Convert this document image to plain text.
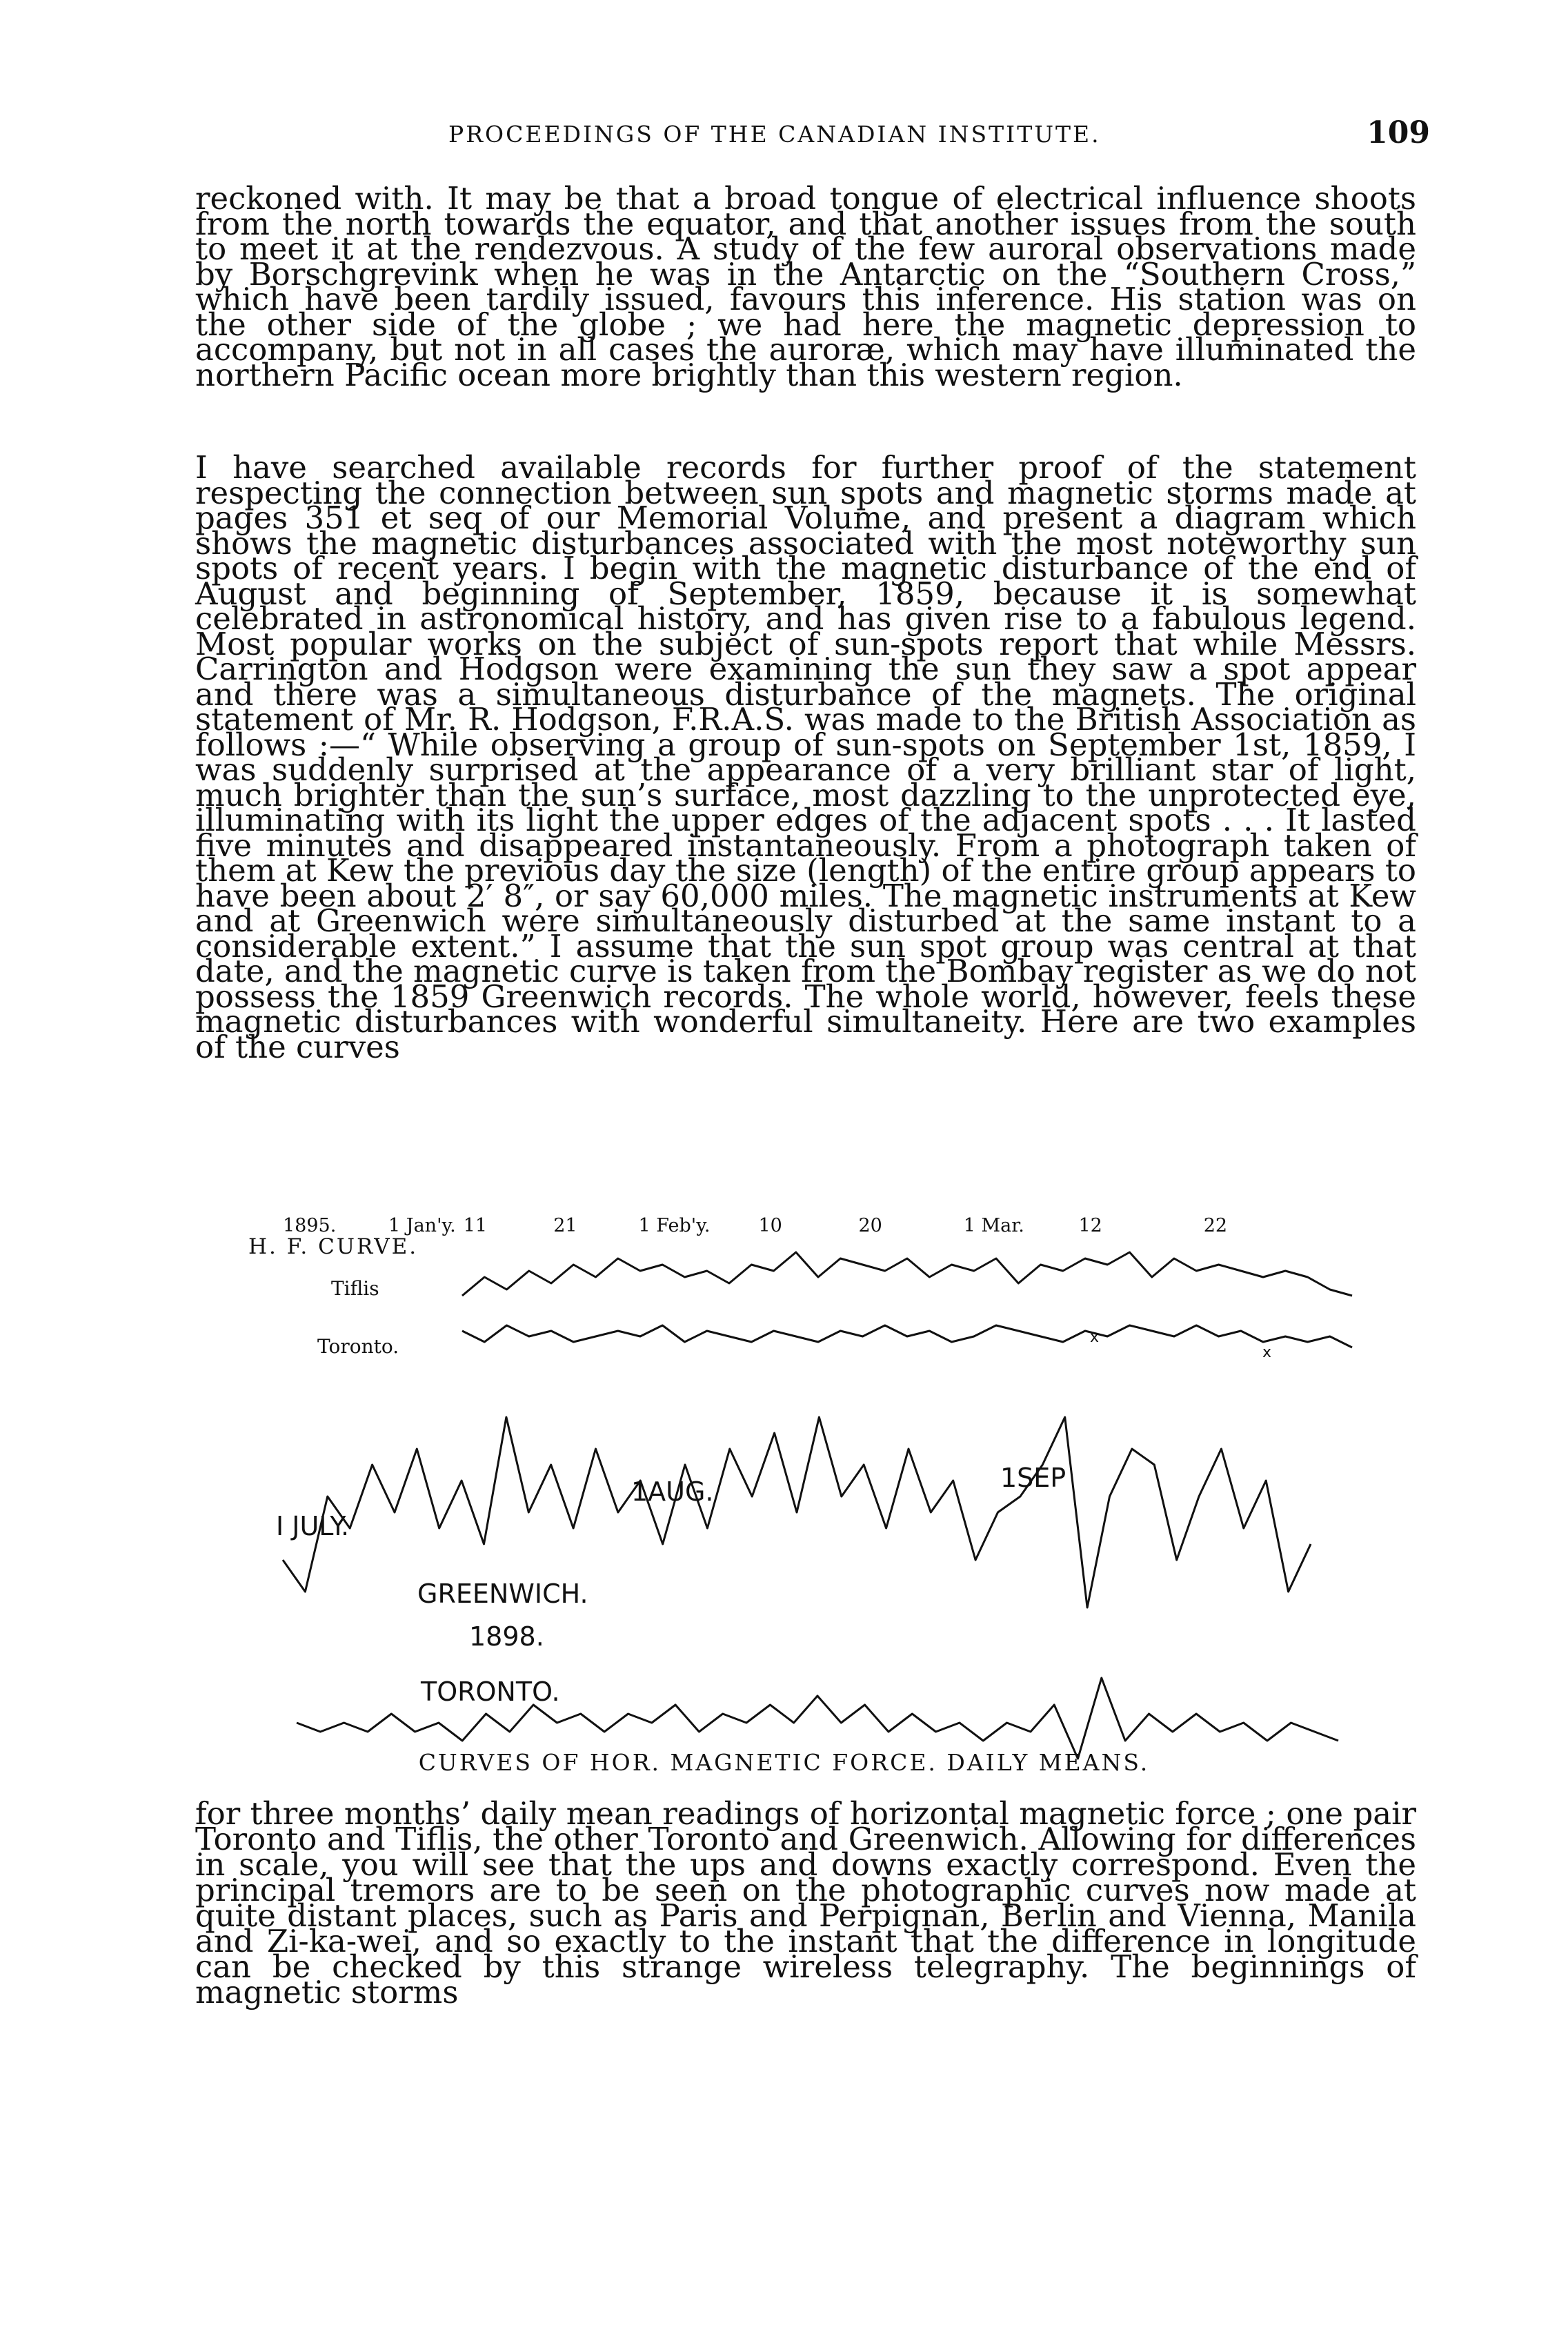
PROCEEDINGS OF THE CANADIAN INSTITUTE.	109

reckoned with. It may be that a broad tongue of electrical influence shoots from the north towards the equator, and that another issues from the south to meet it at the rendezvous. A study of the few auroral observations made by Borschgrevink when he was in the Antarctic on the “Southern Cross,” which have been tardily issued, favours this inference. His station was on the other side of the globe ; we had here the magnetic depression to accompany, but not in all cases the auroræ, which may have illuminated the northern Pacific ocean more brightly than this western region.

I have searched available records for further proof of the statement respecting the connection between sun spots and magnetic storms made at pages 351 et seq of our Memorial Volume, and present a diagram which shows the magnetic disturbances associated with the most noteworthy sun spots of recent years. I begin with the magnetic disturbance of the end of August and beginning of September, 1859, because it is somewhat celebrated in astronomical history, and has given rise to a fabulous legend. Most popular works on the subject of sun-spots report that while Messrs. Carrington and Hodgson were examining the sun they saw a spot appear and there was a simultaneous disturbance of the magnets. The original statement of Mr. R. Hodgson, F.R.A.S. was made to the British Association as follows :—“ While observing a group of sun-spots on September 1st, 1859, I was suddenly surprised at the appearance of a very brilliant star of light, much brighter than the sun’s surface, most dazzling to the unprotected eye, illuminating with its light the upper edges of the adjacent spots . . . It lasted five minutes and disappeared instantaneously. From a photograph taken of them at Kew the previous day the size (length) of the entire group appears to have been about 2′ 8″, or say 60,000 miles. The magnetic instruments at Kew and at Greenwich were simultaneously disturbed at the same instant to a considerable extent.” I assume that the sun spot group was central at that date, and the magnetic curve is taken from the Bombay register as we do not possess the 1859 Greenwich records. The whole world, however, feels these magnetic disturbances with wonderful simultaneity. Here are two examples of the curves

1895.	1 Jan'y. 11	21	1 Feb'y.	10	20	1 Mar.	12	22
H. F. CURVE.
Tiflis
Toronto.	x
x
I JULY.
1AUG.	1SEP
GREENWICH.
1898.
TORONTO.
CURVES OF HOR. MAGNETIC FORCE. DAILY MEANS.

for three months’ daily mean readings of horizontal magnetic force ; one pair Toronto and Tiflis, the other Toronto and Greenwich. Allowing for differences in scale, you will see that the ups and downs exactly correspond. Even the principal tremors are to be seen on the photographic curves now made at quite distant places, such as Paris and Perpignan, Berlin and Vienna, Manila and Zi-ka-wei, and so exactly to the instant that the difference in longitude can be checked by this strange wireless telegraphy. The beginnings of magnetic storms
